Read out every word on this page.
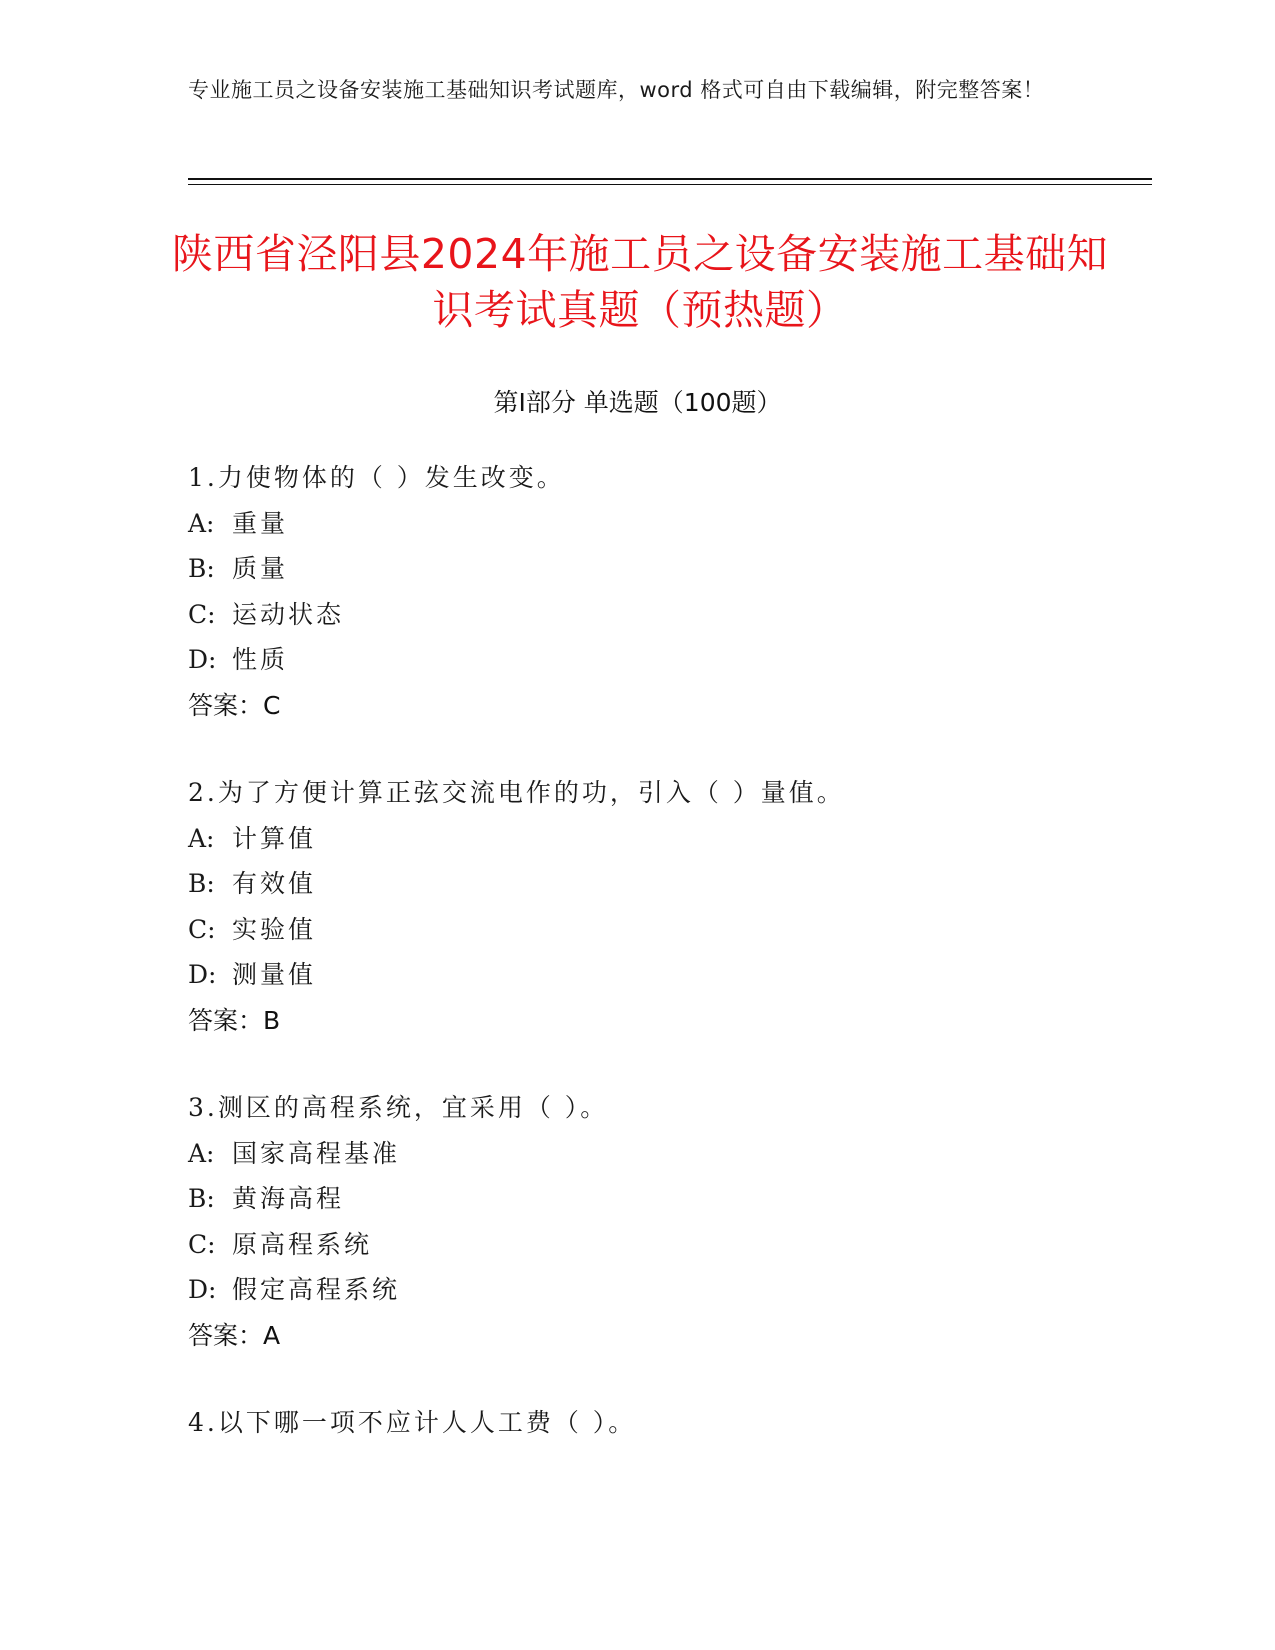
专业施工员之设备安装施工基础知识考试题库，word 格式可自由下载编辑，附完整答案！
陕西省泾阳县2024年施工员之设备安装施工基础知识考试真题（预热题）
第I部分 单选题（100题）
1.力使物体的（ ）发生改变。
A: 重量
B: 质量
C: 运动状态
D: 性质
答案：C
2.为了方便计算正弦交流电作的功，引入（ ）量值。
A: 计算值
B: 有效值
C: 实验值
D: 测量值
答案：B
3.测区的高程系统，宜采用（ ）。
A: 国家高程基准
B: 黄海高程
C: 原高程系统
D: 假定高程系统
答案：A
4.以下哪一项不应计人人工费（ ）。
